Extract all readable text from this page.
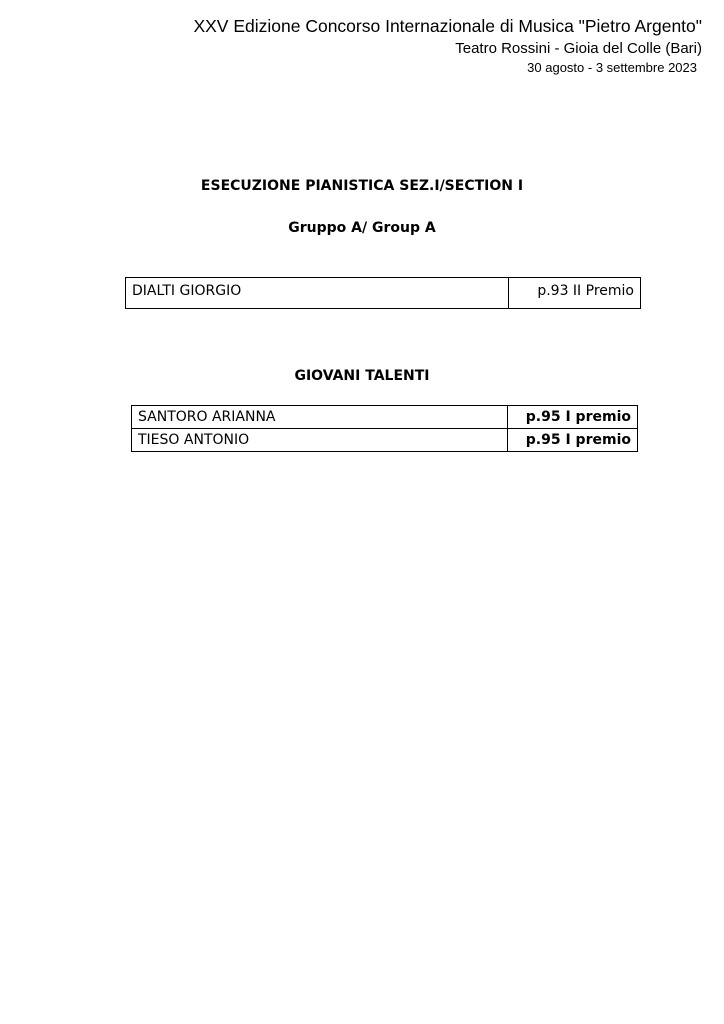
XXV Edizione Concorso Internazionale di Musica "Pietro Argento"
Teatro Rossini - Gioia del Colle (Bari)
30 agosto - 3 settembre 2023
ESECUZIONE PIANISTICA SEZ.I/SECTION I
Gruppo A/ Group A
DIALTI GIORGIO	p.93 II Premio
GIOVANI TALENTI
SANTORO ARIANNA	p.95 I premio
TIESO ANTONIO	p.95 I premio
